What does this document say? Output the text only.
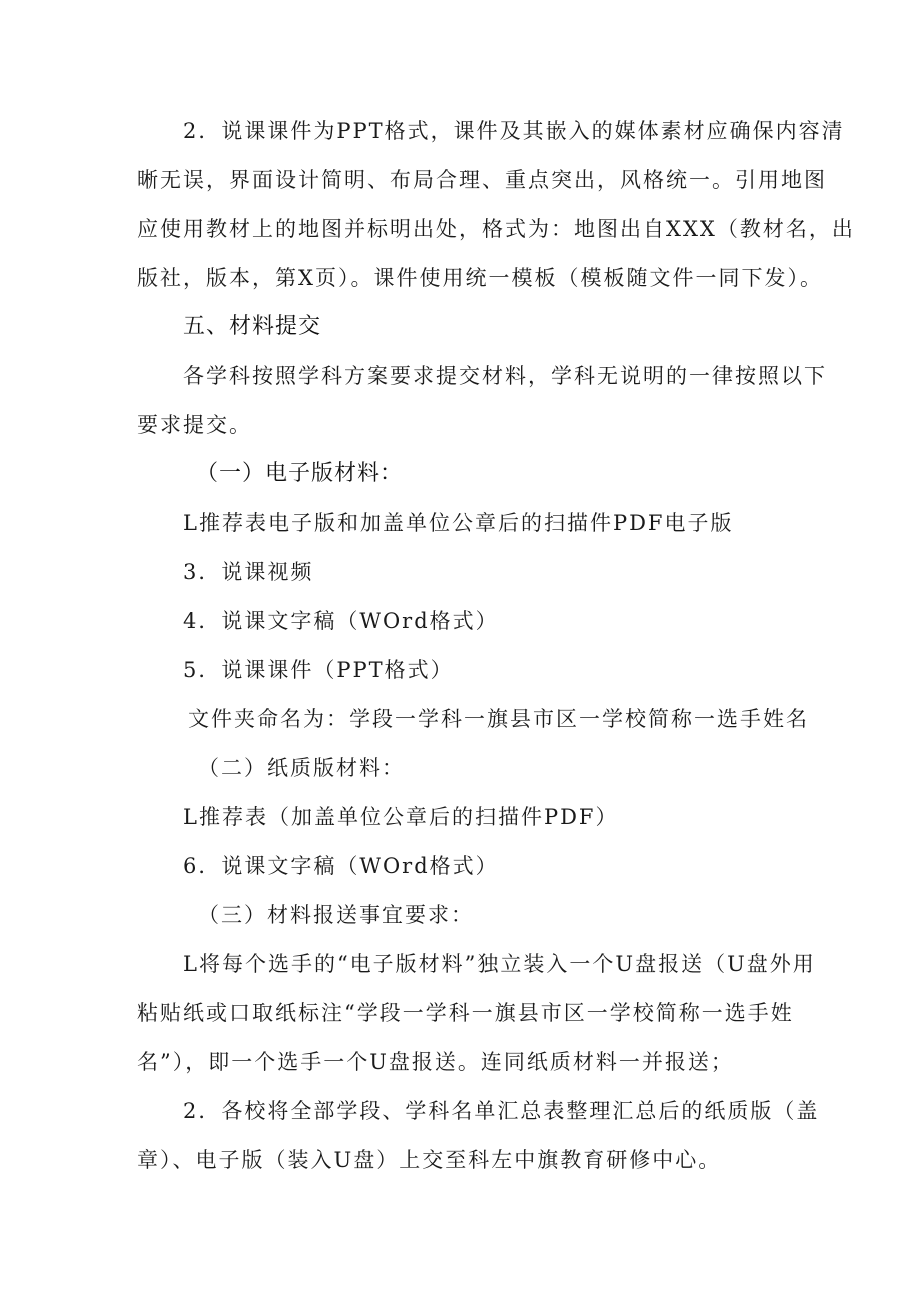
2．说课课件为PPT格式，课件及其嵌入的媒体素材应确保内容清
晰无误，界面设计简明、布局合理、重点突出，风格统一。引用地图
应使用教材上的地图并标明出处，格式为：地图出自XXX（教材名，出
版社，版本，第X页）。课件使用统一模板（模板随文件一同下发）。
五、材料提交
各学科按照学科方案要求提交材料，学科无说明的一律按照以下
要求提交。
（一）电子版材料：
L推荐表电子版和加盖单位公章后的扫描件PDF电子版
3．说课视频
4．说课文字稿（WOrd格式）
5．说课课件（PPT格式）
文件夹命名为：学段一学科一旗县市区一学校简称一选手姓名
（二）纸质版材料：
L推荐表（加盖单位公章后的扫描件PDF）
6．说课文字稿（WOrd格式）
（三）材料报送事宜要求：
L将每个选手的“电子版材料”独立装入一个U盘报送（U盘外用
粘贴纸或口取纸标注“学段一学科一旗县市区一学校简称一选手姓
名”），即一个选手一个U盘报送。连同纸质材料一并报送；
2．各校将全部学段、学科名单汇总表整理汇总后的纸质版（盖
章）、电子版（装入U盘）上交至科左中旗教育研修中心。
